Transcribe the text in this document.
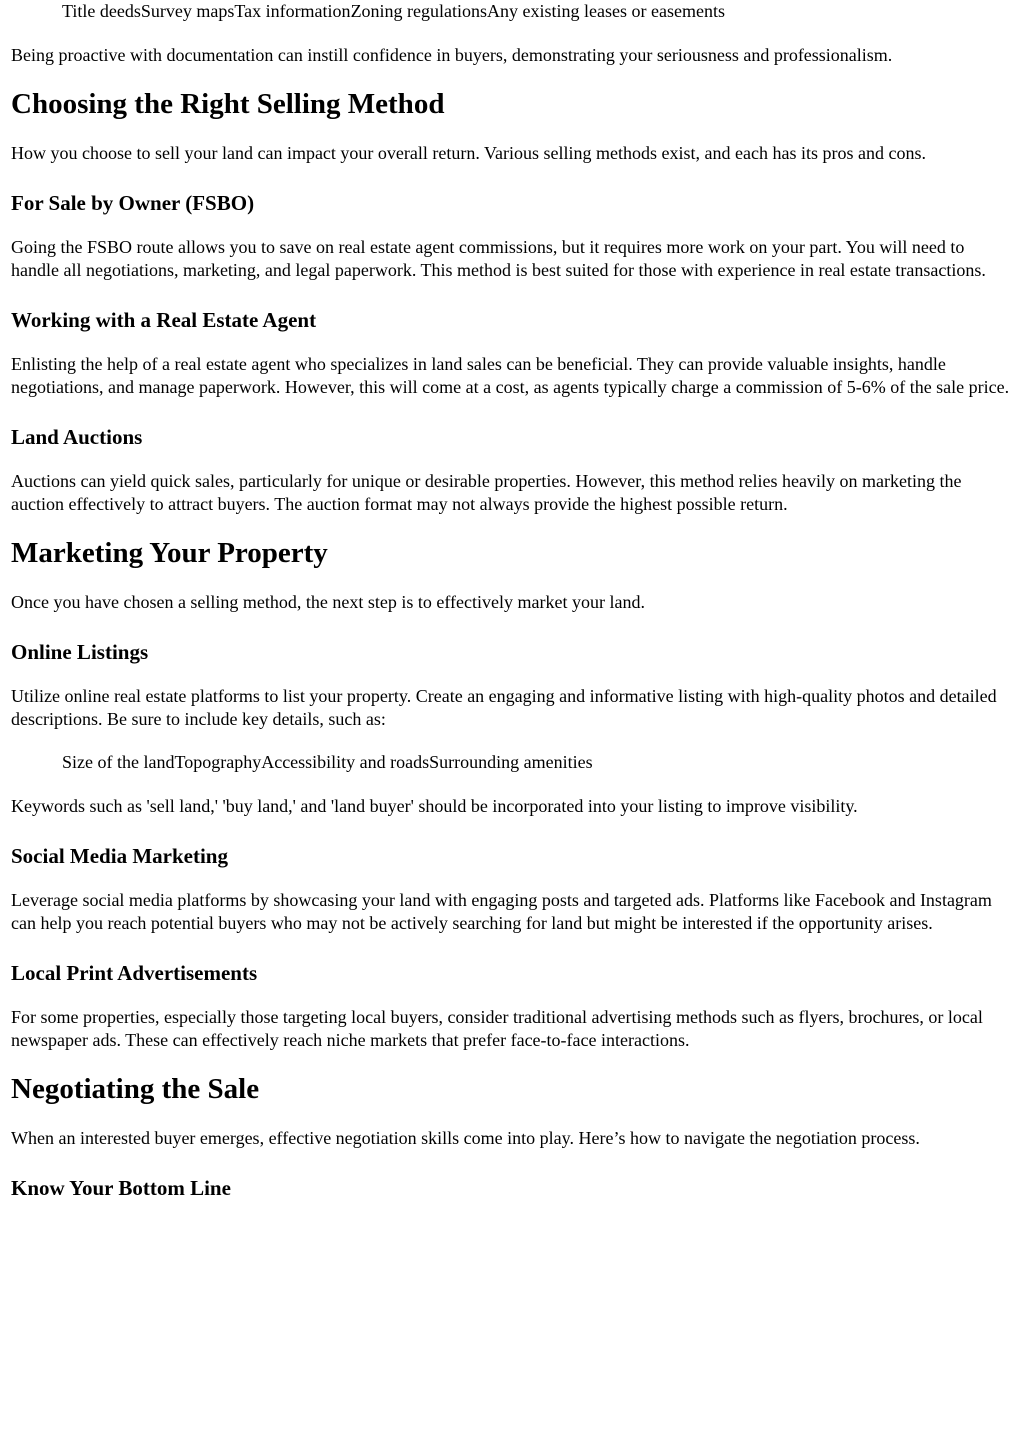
Title deedsSurvey mapsTax informationZoning regulationsAny existing leases or easements

Being proactive with documentation can instill confidence in buyers, demonstrating your seriousness and professionalism.

Choosing the Right Selling Method

How you choose to sell your land can impact your overall return. Various selling methods exist, and each has its pros and cons.

For Sale by Owner (FSBO)

Going the FSBO route allows you to save on real estate agent commissions, but it requires more work on your part. You will need to handle all negotiations, marketing, and legal paperwork. This method is best suited for those with experience in real estate transactions.

Working with a Real Estate Agent

Enlisting the help of a real estate agent who specializes in land sales can be beneficial. They can provide valuable insights, handle negotiations, and manage paperwork. However, this will come at a cost, as agents typically charge a commission of 5-6% of the sale price.

Land Auctions

Auctions can yield quick sales, particularly for unique or desirable properties. However, this method relies heavily on marketing the auction effectively to attract buyers. The auction format may not always provide the highest possible return.

Marketing Your Property

Once you have chosen a selling method, the next step is to effectively market your land.

Online Listings

Utilize online real estate platforms to list your property. Create an engaging and informative listing with high-quality photos and detailed descriptions. Be sure to include key details, such as:

Size of the landTopographyAccessibility and roadsSurrounding amenities

Keywords such as 'sell land,' 'buy land,' and 'land buyer' should be incorporated into your listing to improve visibility.

Social Media Marketing

Leverage social media platforms by showcasing your land with engaging posts and targeted ads. Platforms like Facebook and Instagram can help you reach potential buyers who may not be actively searching for land but might be interested if the opportunity arises.

Local Print Advertisements

For some properties, especially those targeting local buyers, consider traditional advertising methods such as flyers, brochures, or local newspaper ads. These can effectively reach niche markets that prefer face-to-face interactions.

Negotiating the Sale

When an interested buyer emerges, effective negotiation skills come into play. Here’s how to navigate the negotiation process.

Know Your Bottom Line
